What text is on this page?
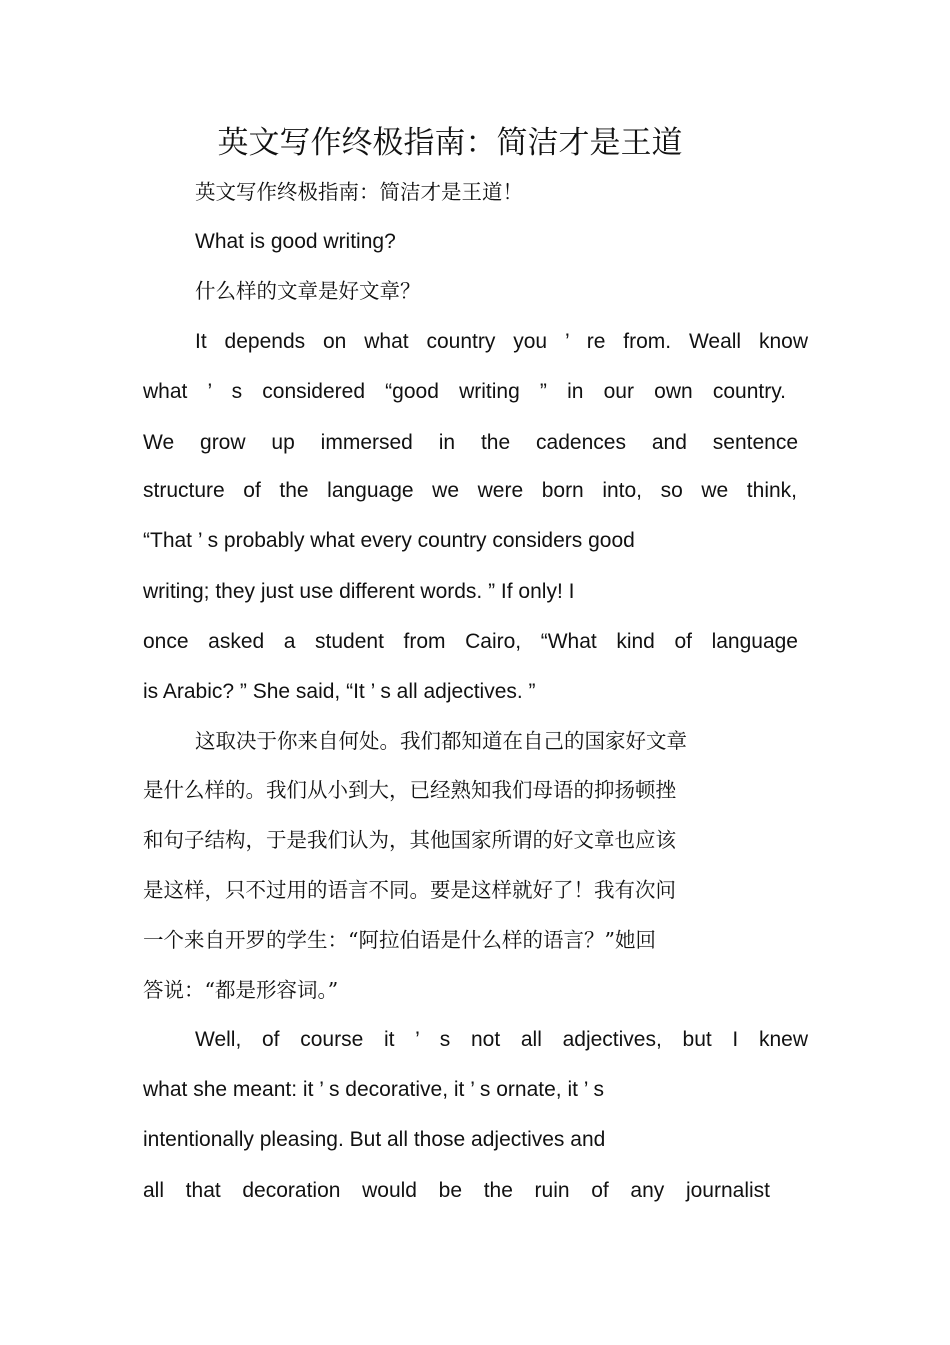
英文写作终极指南：简洁才是王道
英文写作终极指南：简洁才是王道！
What is good writing?
什么样的文章是好文章？
It depends on what country you ’ re from. Weall know
what ’ s considered “good writing ” in our own country.
We grow up immersed in the cadences and sentence
structure of the language we were born into, so we think,
“That ’ s probably what every country considers good
writing; they just use different words. ” If only! I
once asked a student from Cairo, “What kind of language
is Arabic? ” She said, “It ’ s all adjectives. ”
这取决于你来自何处。我们都知道在自己的国家好文章
是什么样的。我们从小到大，已经熟知我们母语的抑扬顿挫
和句子结构，于是我们认为，其他国家所谓的好文章也应该
是这样，只不过用的语言不同。要是这样就好了！我有次问
一个来自开罗的学生：“阿拉伯语是什么样的语言？”她回
答说：“都是形容词。”
Well, of course it ’ s not all adjectives, but I knew
what she meant: it ’ s decorative, it ’ s ornate, it ’ s
intentionally pleasing. But all those adjectives and
all that decoration would be the ruin of any journalist
